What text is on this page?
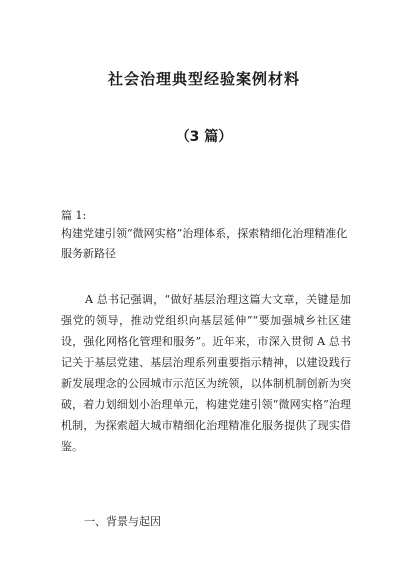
社会治理典型经验案例材料

（3 篇）

篇 1:

构建党建引领“微网实格”治理体系，探索精细化治理精准化服务新路径

A 总书记强调，“做好基层治理这篇大文章，关键是加强党的领导，推动党组织向基层延伸”“要加强城乡社区建设，强化网格化管理和服务”。近年来，市深入贯彻 A 总书记关于基层党建、基层治理系列重要指示精神，以建设践行新发展理念的公园城市示范区为统领，以体制机制创新为突破，着力划细划小治理单元，构建党建引领“微网实格”治理机制，为探索超大城市精细化治理精准化服务提供了现实借鉴。

一、背景与起因
